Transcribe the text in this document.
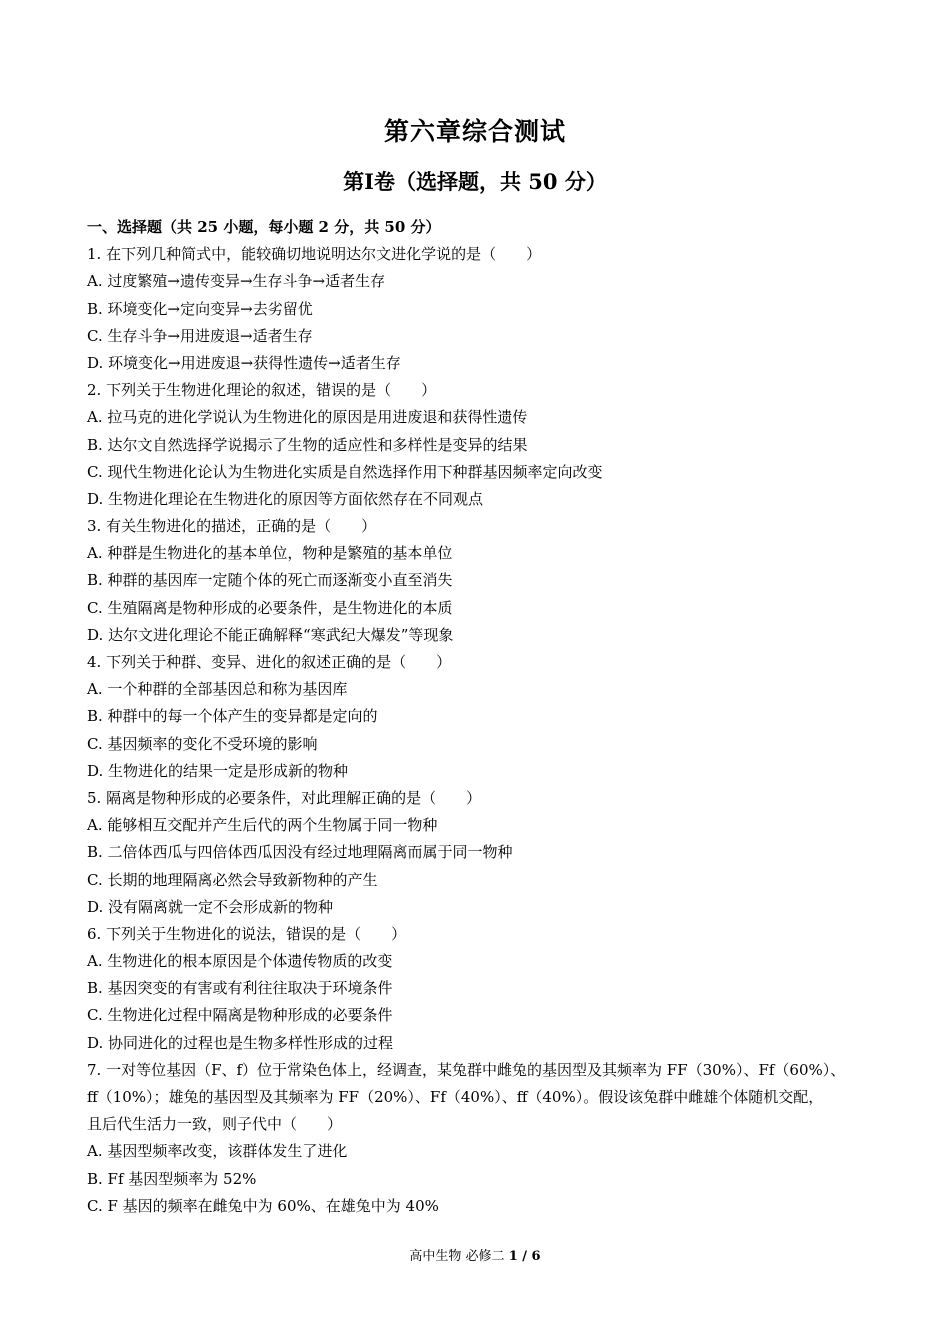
第六章综合测试
第I卷（选择题，共 50 分）
一、选择题（共 25 小题，每小题 2 分，共 50 分）
1. 在下列几种简式中，能较确切地说明达尔文进化学说的是（　　）
A. 过度繁殖→遗传变异→生存斗争→适者生存
B. 环境变化→定向变异→去劣留优
C. 生存斗争→用进废退→适者生存
D. 环境变化→用进废退→获得性遗传→适者生存
2. 下列关于生物进化理论的叙述，错误的是（　　）
A. 拉马克的进化学说认为生物进化的原因是用进废退和获得性遗传
B. 达尔文自然选择学说揭示了生物的适应性和多样性是变异的结果
C. 现代生物进化论认为生物进化实质是自然选择作用下种群基因频率定向改变
D. 生物进化理论在生物进化的原因等方面依然存在不同观点
3. 有关生物进化的描述，正确的是（　　）
A. 种群是生物进化的基本单位，物种是繁殖的基本单位
B. 种群的基因库一定随个体的死亡而逐渐变小直至消失
C. 生殖隔离是物种形成的必要条件，是生物进化的本质
D. 达尔文进化理论不能正确解释“寒武纪大爆发”等现象
4. 下列关于种群、变异、进化的叙述正确的是（　　）
A. 一个种群的全部基因总和称为基因库
B. 种群中的每一个体产生的变异都是定向的
C. 基因频率的变化不受环境的影响
D. 生物进化的结果一定是形成新的物种
5. 隔离是物种形成的必要条件，对此理解正确的是（　　）
A. 能够相互交配并产生后代的两个生物属于同一物种
B. 二倍体西瓜与四倍体西瓜因没有经过地理隔离而属于同一物种
C. 长期的地理隔离必然会导致新物种的产生
D. 没有隔离就一定不会形成新的物种
6. 下列关于生物进化的说法，错误的是（　　）
A. 生物进化的根本原因是个体遗传物质的改变
B. 基因突变的有害或有利往往取决于环境条件
C. 生物进化过程中隔离是物种形成的必要条件
D. 协同进化的过程也是生物多样性形成的过程
7. 一对等位基因（F、f）位于常染色体上，经调查，某兔群中雌兔的基因型及其频率为 FF（30%）、Ff（60%）、
ff（10%）；雄兔的基因型及其频率为 FF（20%）、Ff（40%）、ff（40%）。假设该兔群中雌雄个体随机交配，
且后代生活力一致，则子代中（　　）
A. 基因型频率改变，该群体发生了进化
B. Ff 基因型频率为 52%
C. F 基因的频率在雌兔中为 60%、在雄兔中为 40%
高中生物 必修二 1 / 6
